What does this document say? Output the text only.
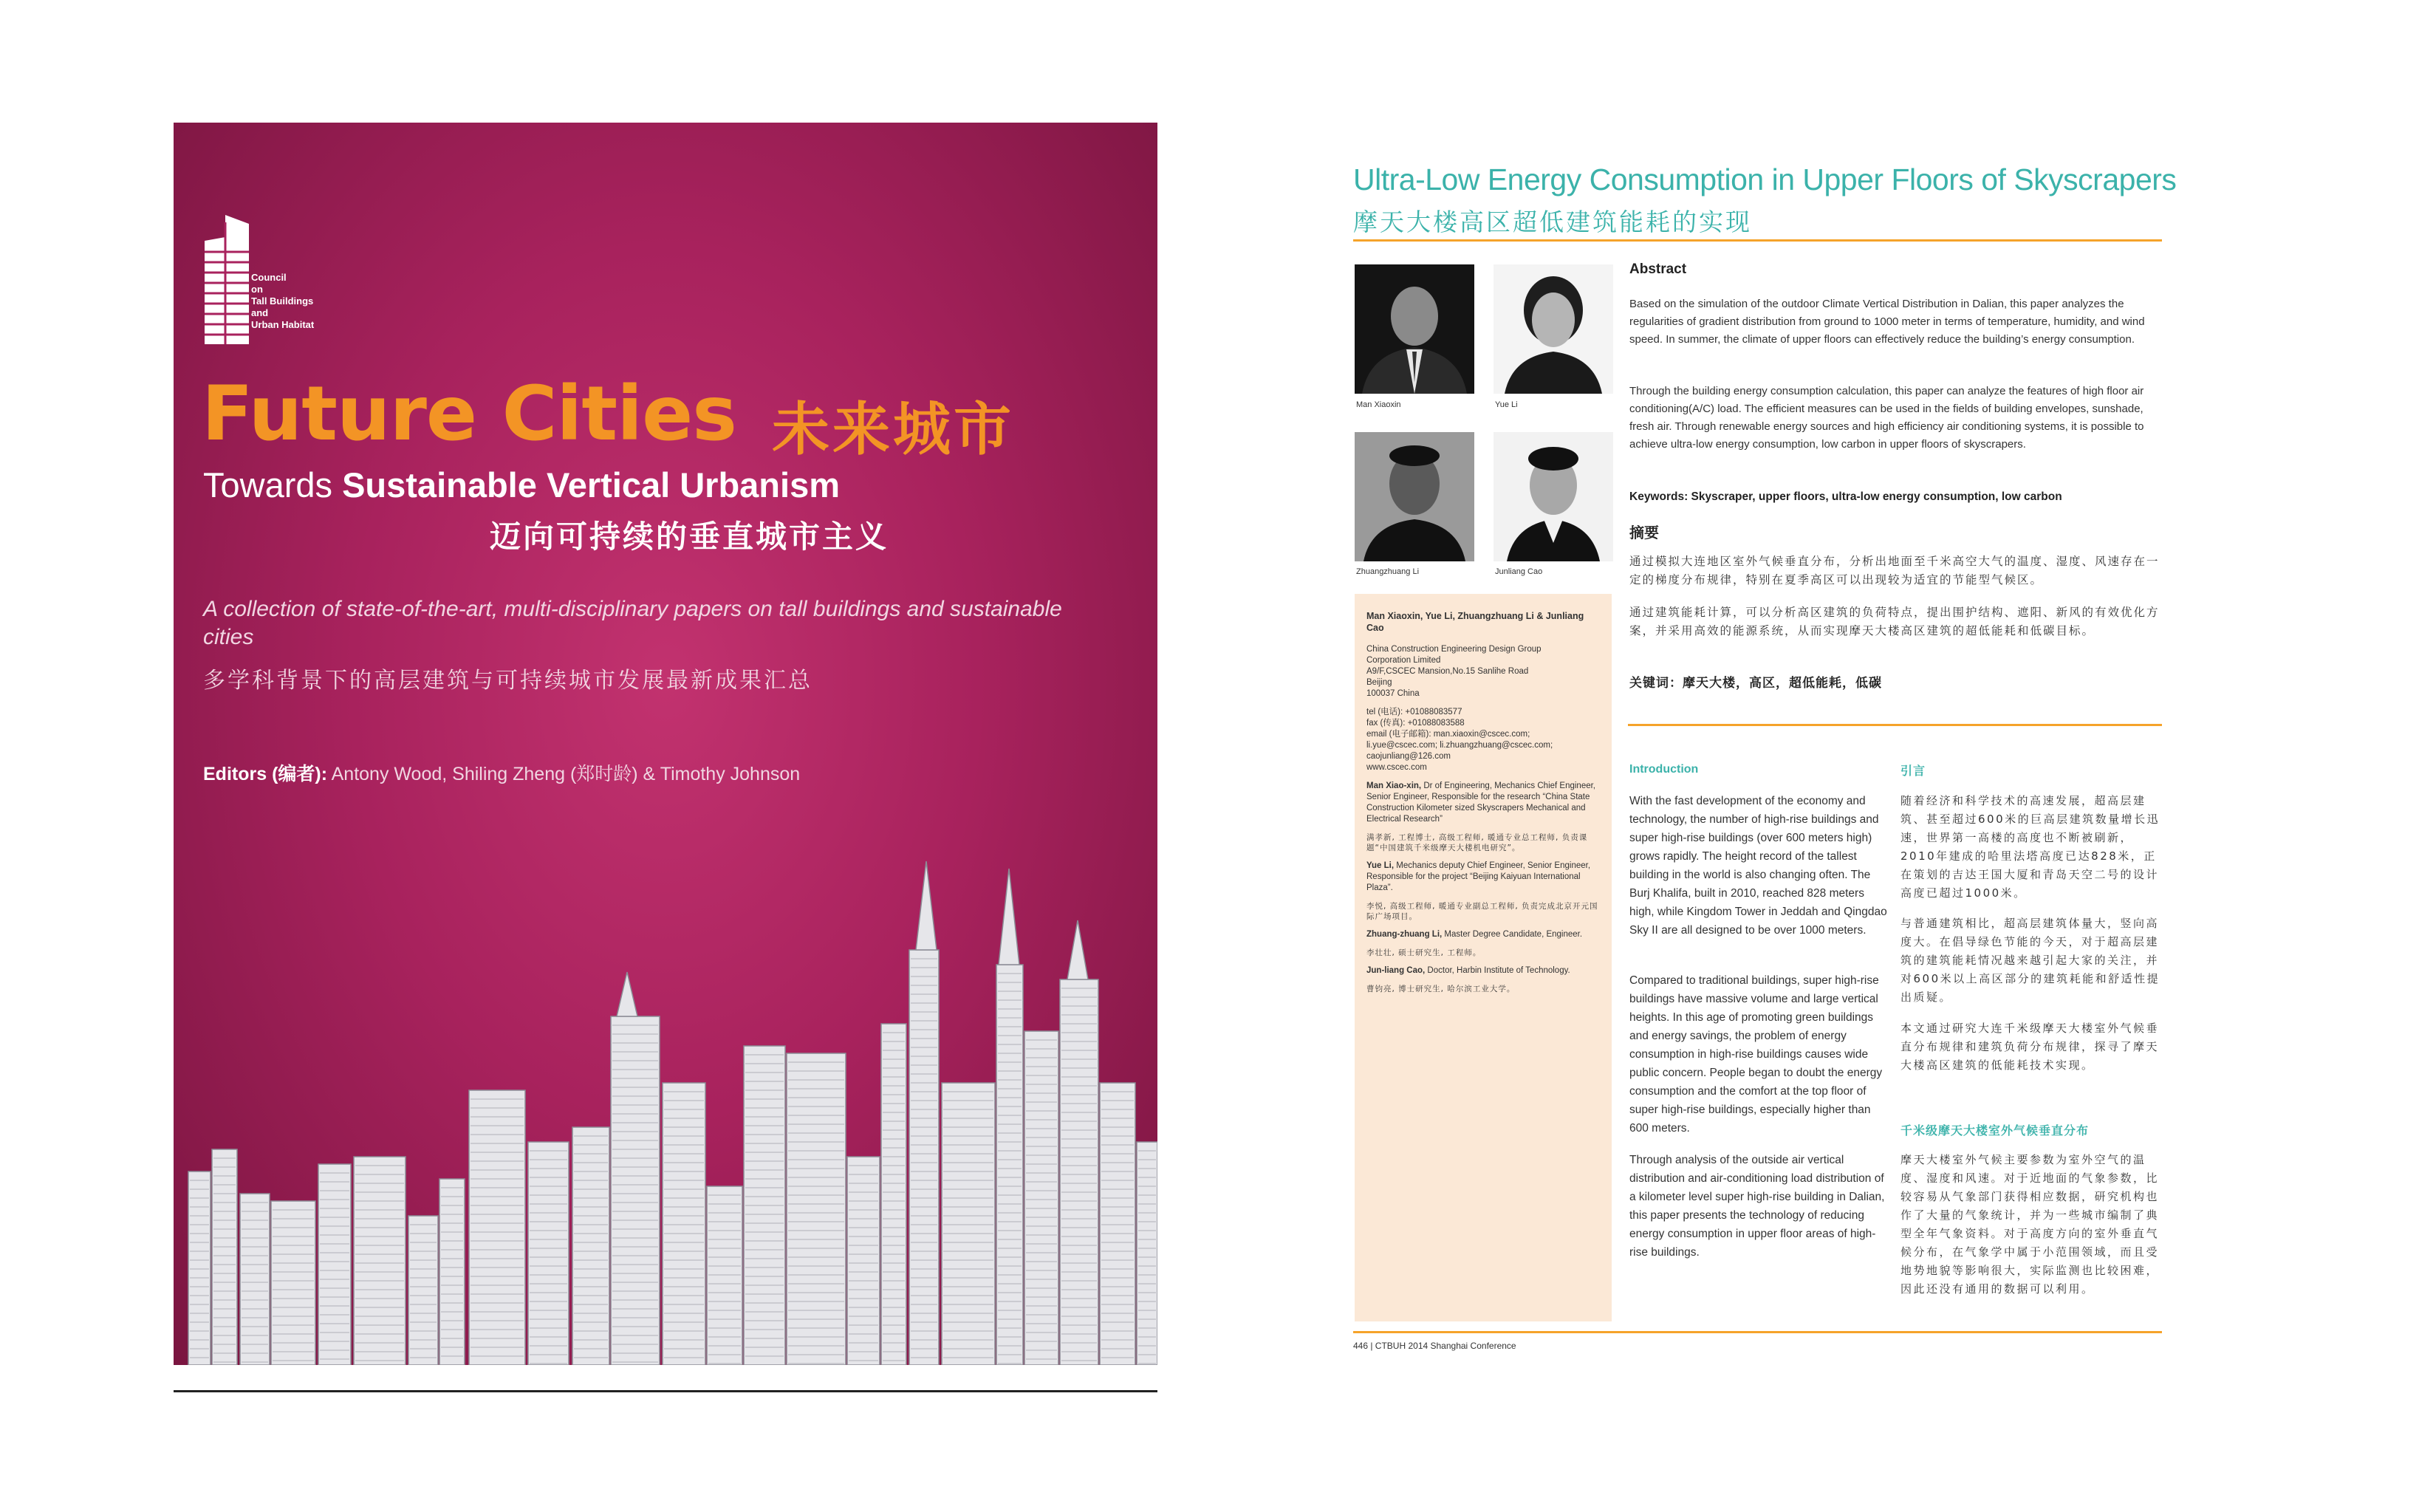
Council
on
Tall Buildings
and
Urban Habitat
Future Cities 未来城市
Towards Sustainable Vertical Urbanism
迈向可持续的垂直城市主义
A collection of state-of-the-art, multi-disciplinary papers on tall buildings and sustainable cities
多学科背景下的高层建筑与可持续城市发展最新成果汇总
Editors (编者): Antony Wood, Shiling Zheng (郑时龄) & Timothy Johnson
Ultra-Low Energy Consumption in Upper Floors of Skyscrapers
摩天大楼高区超低建筑能耗的实现
Man Xiaoxin	Yue Li
Zhuangzhuang Li	Junliang Cao

Man Xiaoxin, Yue Li, Zhuangzhuang Li & Junliang Cao

China Construction Engineering Design Group
Corporation Limited
A9/F,CSCEC Mansion,No.15 Sanlihe Road
Beijing
100037 China

tel (电话): +01088083577
fax (传真): +01088083588
email (电子邮箱): man.xiaoxin@cscec.com;
li.yue@cscec.com; li.zhuangzhuang@cscec.com;
caojunliang@126.com
www.cscec.com

Man Xiao-xin, Dr of Engineering, Mechanics Chief Engineer, Senior Engineer, Responsible for the research “China State Construction Kilometer sized Skyscrapers Mechanical and Electrical Research”

满孝新, 工程博士, 高级工程师, 暖通专业总工程师, 负责课题“中国建筑千米级摩天大楼机电研究”。

Yue Li, Mechanics deputy Chief Engineer, Senior Engineer, Responsible for the project “Beijing Kaiyuan International Plaza”.

李悦, 高级工程师, 暖通专业副总工程师, 负责完成北京开元国际广场项目。

Zhuang-zhuang Li, Master Degree Candidate, Engineer.

李壮壮, 硕士研究生, 工程师。

Jun-liang Cao, Doctor, Harbin Institute of Technology.

曹钧亮, 博士研究生, 哈尔滨工业大学。

Abstract

Based on the simulation of the outdoor Climate Vertical Distribution in Dalian, this paper analyzes the regularities of gradient distribution from ground to 1000 meter in terms of temperature, humidity, and wind speed. In summer, the climate of upper floors can effectively reduce the building’s energy consumption.

Through the building energy consumption calculation, this paper can analyze the features of high floor air conditioning(A/C) load. The efficient measures can be used in the fields of building envelopes, sunshade, fresh air. Through renewable energy sources and high efficiency air conditioning systems, it is possible to achieve ultra-low energy consumption, low carbon in upper floors of skyscrapers.

Keywords: Skyscraper, upper floors, ultra-low energy consumption, low carbon
摘要

通过模拟大连地区室外气候垂直分布，分析出地面至千米高空大气的温度、湿度、风速存在一定的梯度分布规律，特别在夏季高区可以出现较为适宜的节能型气候区。

通过建筑能耗计算，可以分析高区建筑的负荷特点，提出围护结构、遮阳、新风的有效优化方案，并采用高效的能源系统，从而实现摩天大楼高区建筑的超低能耗和低碳目标。

关键词：摩天大楼，高区，超低能耗，低碳
Introduction

With the fast development of the economy and technology, the number of high-rise buildings and super high-rise buildings (over 600 meters high) grows rapidly. The height record of the tallest building in the world is also changing often. The Burj Khalifa, built in 2010, reached 828 meters high, while Kingdom Tower in Jeddah and Qingdao Sky II are all designed to be over 1000 meters.

Compared to traditional buildings, super high-rise buildings have massive volume and large vertical heights. In this age of promoting green buildings and energy savings, the problem of energy consumption in high-rise buildings causes wide public concern. People began to doubt the energy consumption and the comfort at the top floor of super high-rise buildings, especially higher than 600 meters.

Through analysis of the outside air vertical distribution and air-conditioning load distribution of a kilometer level super high-rise building in Dalian, this paper presents the technology of reducing energy consumption in upper floor areas of high-rise buildings.

引言

随着经济和科学技术的高速发展，超高层建筑、甚至超过600米的巨高层建筑数量增长迅速，世界第一高楼的高度也不断被刷新，2010年建成的哈里法塔高度已达828米，正在策划的吉达王国大厦和青岛天空二号的设计高度已超过1000米。

与普通建筑相比，超高层建筑体量大，竖向高度大。在倡导绿色节能的今天，对于超高层建筑的建筑能耗情况越来越引起大家的关注，并对600米以上高区部分的建筑耗能和舒适性提出质疑。

本文通过研究大连千米级摩天大楼室外气候垂直分布规律和建筑负荷分布规律，探寻了摩天大楼高区建筑的低能耗技术实现。

千米级摩天大楼室外气候垂直分布

摩天大楼室外气候主要参数为室外空气的温度、湿度和风速。对于近地面的气象参数，比较容易从气象部门获得相应数据，研究机构也作了大量的气象统计，并为一些城市编制了典型全年气象资料。对于高度方向的室外垂直气候分布，在气象学中属于小范围领域，而且受地势地貌等影响很大，实际监测也比较困难，因此还没有通用的数据可以利用。

446 | CTBUH 2014 Shanghai Conference
